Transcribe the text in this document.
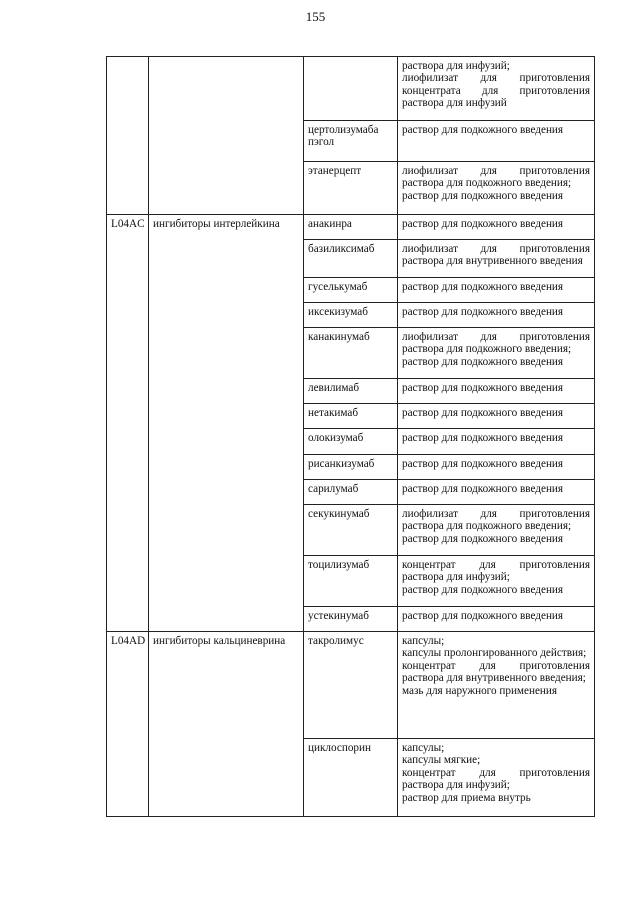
155

			раствора для инфузий;
лиофилизат для приготовления концентрата для приготовления раствора для инфузий

		цертолизумаба пэгол	раствор для подкожного введения

		этанерцепт	лиофилизат для приготовления раствора для подкожного введения;
раствор для подкожного введения

L04AC	ингибиторы интерлейкина	анакинра	раствор для подкожного введения

		базиликсимаб	лиофилизат для приготовления раствора для внутривенного введения

		гуселькумаб	раствор для подкожного введения

		иксекизумаб	раствор для подкожного введения

		канакинумаб	лиофилизат для приготовления раствора для подкожного введения;
раствор для подкожного введения

		левилимаб	раствор для подкожного введения

		нетакимаб	раствор для подкожного введения

		олокизумаб	раствор для подкожного введения

		рисанкизумаб	раствор для подкожного введения

		сарилумаб	раствор для подкожного введения

		секукинумаб	лиофилизат для приготовления раствора для подкожного введения;
раствор для подкожного введения

		тоцилизумаб	концентрат для приготовления раствора для инфузий;
раствор для подкожного введения

		устекинумаб	раствор для подкожного введения

L04AD	ингибиторы кальциневрина	такролимус	капсулы;
капсулы пролонгированного действия;
концентрат для приготовления раствора для внутривенного введения;
мазь для наружного применения

		циклоспорин	капсулы;
капсулы мягкие;
концентрат для приготовления раствора для инфузий;
раствор для приема внутрь
